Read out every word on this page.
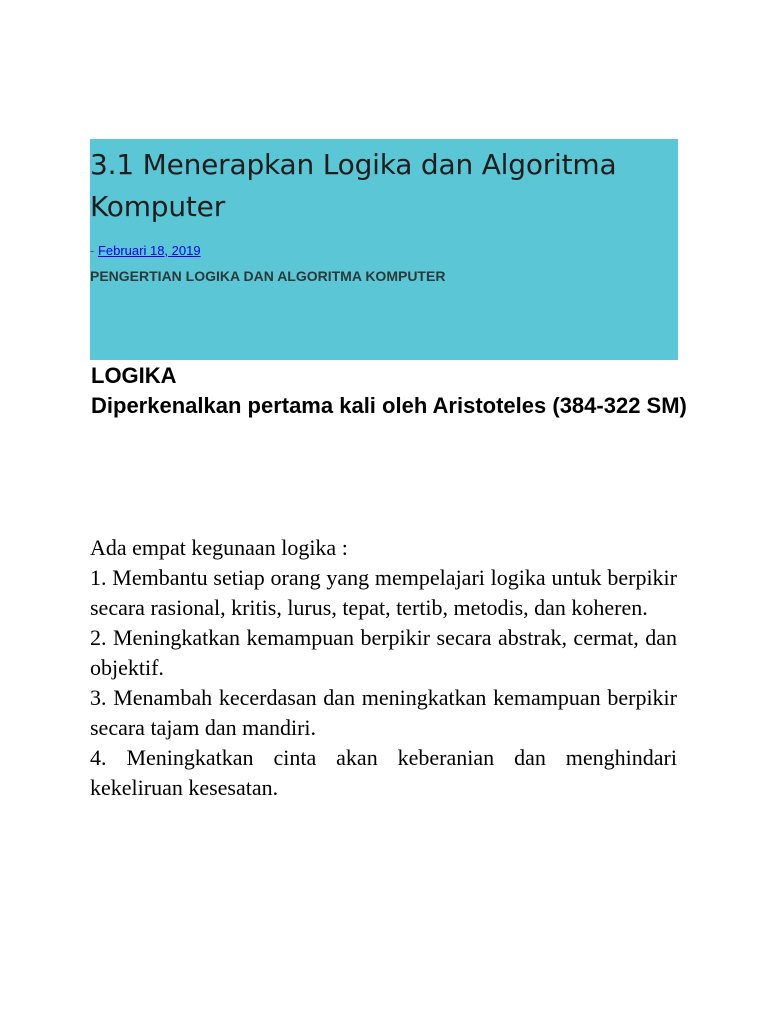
3.1 Menerapkan Logika dan Algoritma Komputer
- Februari 18, 2019
PENGERTIAN LOGIKA DAN ALGORITMA KOMPUTER
LOGIKA
Diperkenalkan pertama kali oleh Aristoteles (384-322 SM)

Ada empat kegunaan logika :

1. Membantu setiap orang yang mempelajari logika untuk berpikir secara rasional, kritis, lurus, tepat, tertib, metodis, dan koheren.

2. Meningkatkan kemampuan berpikir secara abstrak, cermat, dan objektif.

3. Menambah kecerdasan dan meningkatkan kemampuan berpikir secara tajam dan mandiri.

4. Meningkatkan cinta akan keberanian dan menghindari kekeliruan kesesatan.
